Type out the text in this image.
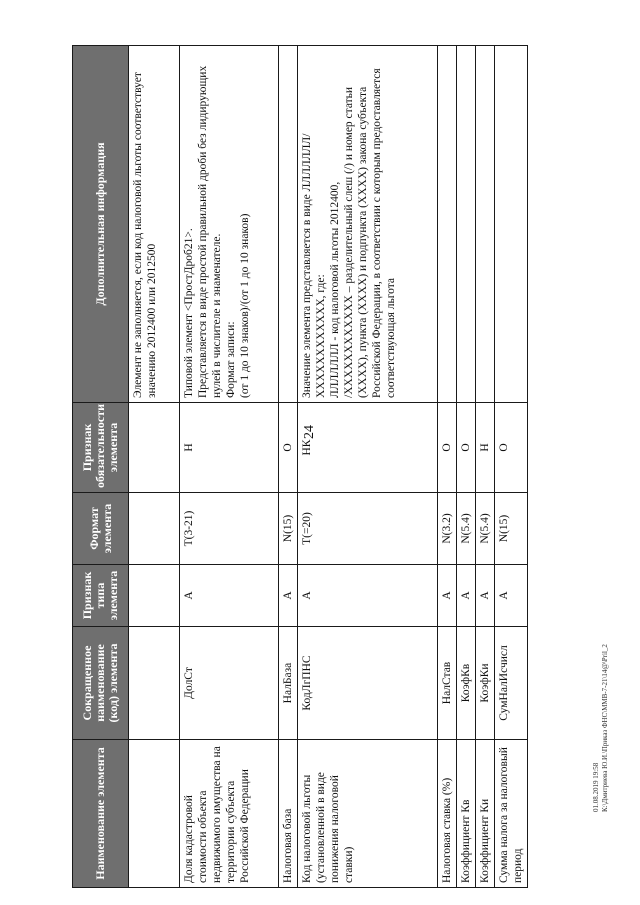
24
Наименование элемента	Сокращенное наименование (код) элемента	Признак типа элемента	Формат элемента	Признак обязательности элемента	Дополнительная информация

					Элемент не заполняется, если код налоговой льготы соответствует значению 2012400 или 2012500

Доля кадастровой стоимости объекта недвижимого имущества на территории субъекта Российской Федерации	ДолСт	А	Т(3-21)	Н	Типовой элемент <ПростДроб21>. Представляется в виде простой правильной дроби без лидирующих нулей в числителе и знаменателе. Формат записи: (от 1 до 10 знаков)/(от 1 до 10 знаков)

Налоговая база	НалБаза	А	N(15)	О	
Код налоговой льготы (установленной в виде понижения налоговой ставки)	КодЛгПНС	А	Т(=20)	НК	Значение элемента представляется в виде ЛЛЛЛЛЛЛ/ХХХХХХХХХХХХ, где: ЛЛЛЛЛЛЛ - код налоговой льготы 2012400, /ХХХХХХХХХХХХ – разделительный слеш (/) и номер статьи (ХХХХ), пункта (ХХХХ) и подпункта (ХХХХ) закона субъекта Российской Федерации, в соответствии с которым предоставляется соответствующая льгота

Налоговая ставка (%)	НалСтав	А	N(3.2)	О	
Коэффициент Кв	КоэфКв	А	N(5.4)	О	
Коэффициент Ки	КоэфКи	А	N(5.4)	Н	
Сумма налога за налоговый период	СумНалИсчисл	А	N(15)	О	
01.08.2019 19:58 К:\Дмитриева Ю.И.\Приказ ФНС\ММВ-7-21\14@\Pril_2
